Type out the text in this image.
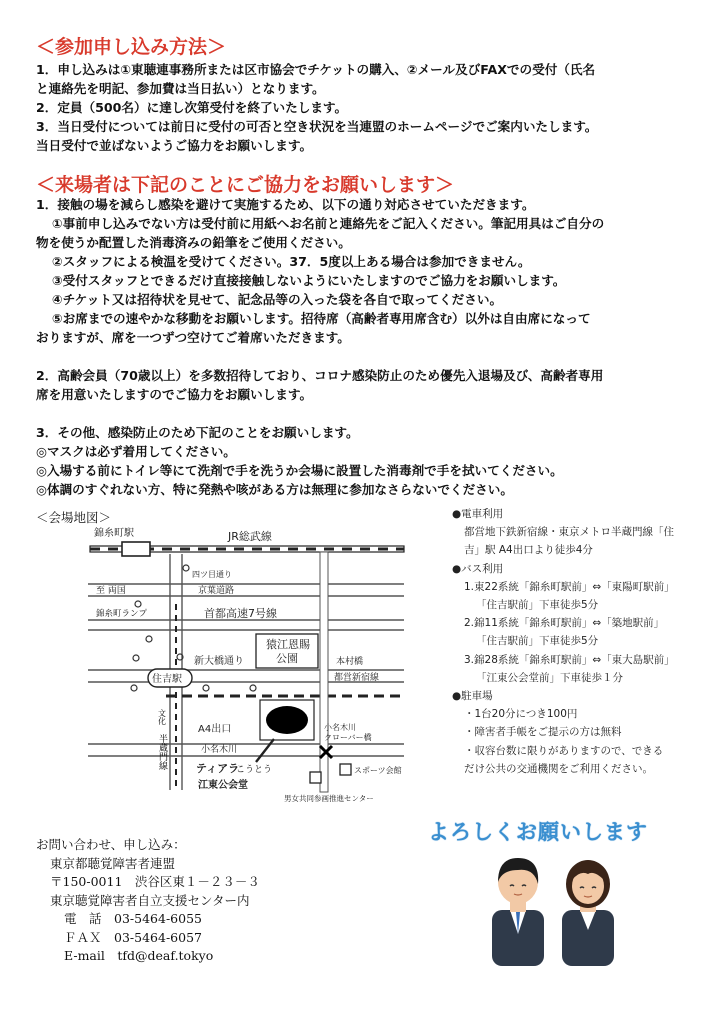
＜参加申し込み方法＞
1．申し込みは①東聴連事務所または区市協会でチケットの購入、②メール及びFAXでの受付（氏名
と連絡先を明記、参加費は当日払い）となります。
2．定員（500名）に達し次第受付を終了いたします。
3．当日受付については前日に受付の可否と空き状況を当連盟のホームページでご案内いたします。
当日受付で並ばないようご協力をお願いします。
＜来場者は下記のことにご協力をお願いします＞
1．接触の場を減らし感染を避けて実施するため、以下の通り対応させていただきます。
①事前申し込みでない方は受付前に用紙へお名前と連絡先をご記入ください。筆記用具はご自分の
物を使うか配置した消毒済みの鉛筆をご使用ください。
②スタッフによる検温を受けてください。37．5度以上ある場合は参加できません。
③受付スタッフとできるだけ直接接触しないようにいたしますのでご協力をお願いします。
④チケット又は招待状を見せて、記念品等の入った袋を各自で取ってください。
⑤お席までの速やかな移動をお願いします。招待席（高齢者専用席含む）以外は自由席になって
おりますが、席を一つずつ空けてご着席いただきます。
2．高齢会員（70歳以上）を多数招待しており、コロナ感染防止のため優先入退場及び、高齢者専用
席を用意いたしますのでご協力をお願いします。
3．その他、感染防止のため下記のことをお願いします。
◎マスクは必ず着用してください。
◎入場する前にトイレ等にて洗剤で手を洗うか会場に設置した消毒剤で手を拭いてください。
◎体調のすぐれない方、特に発熱や咳がある方は無理に参加なさらないでください。
＜会場地図＞
錦糸町駅	JR総武線
四ツ目通り
至 両国	京葉道路
錦糸町ランプ	首都高速7号線
猿江恩賜
公園	本村橋
新大橋通り
住吉駅	都営新宿線
A4出口
小名木川
小名木川
クローバー橋
スポーツ会館
ティアラ
こうとう
江東公会堂
男女共同参画推進センター
文化
半蔵門線
●電車利用
都営地下鉄新宿線・東京メトロ半蔵門線「住
吉」駅 A4出口より徒歩4分
●バス利用
1.東22系統「錦糸町駅前」⇔「東陽町駅前」
「住吉駅前」下車徒歩5分
2.錦11系統「錦糸町駅前」⇔「築地駅前」
「住吉駅前」下車徒歩5分
3.錦28系統「錦糸町駅前」⇔「東大島駅前」
「江東公会堂前」下車徒歩１分
●駐車場
・1台20分につき100円
・障害者手帳をご提示の方は無料
・収容台数に限りがありますので、できる
だけ公共の交通機関をご利用ください。
お問い合わせ、申し込み：
東京都聴覚障害者連盟
〒150-0011　渋谷区東１－２３－３
東京聴覚障害者自立支援センター内
電　話　03-5464-6055
ＦＡＸ　03-5464-6057
E-mail　tfd@deaf.tokyo
よろしくお願いします
